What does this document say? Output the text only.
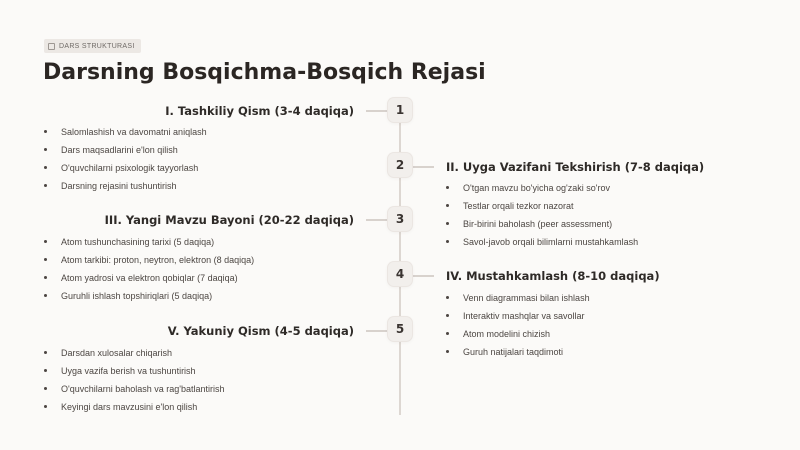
DARS STRUKTURASI
Darsning Bosqichma-Bosqich Rejasi
1
I. Tashkiliy Qism (3-4 daqiqa)
Salomlashish va davomatni aniqlash
Dars maqsadlarini e'lon qilish
O'quvchilarni psixologik tayyorlash
Darsning rejasini tushuntirish
2	II. Uyga Vazifani Tekshirish (7-8 daqiqa)
O'tgan mavzu bo'yicha og'zaki so'rov
Testlar orqali tezkor nazorat
Bir-birini baholash (peer assessment)
Savol-javob orqali bilimlarni mustahkamlash
3
III. Yangi Mavzu Bayoni (20-22 daqiqa)
Atom tushunchasining tarixi (5 daqiqa)
Atom tarkibi: proton, neytron, elektron (8 daqiqa)
Atom yadrosi va elektron qobiqlar (7 daqiqa)
Guruhli ishlash topshiriqlari (5 daqiqa)
4	IV. Mustahkamlash (8-10 daqiqa)
Venn diagrammasi bilan ishlash
Interaktiv mashqlar va savollar
Atom modelini chizish
Guruh natijalari taqdimoti
5
V. Yakuniy Qism (4-5 daqiqa)
Darsdan xulosalar chiqarish
Uyga vazifa berish va tushuntirish
O'quvchilarni baholash va rag'batlantirish
Keyingi dars mavzusini e'lon qilish
